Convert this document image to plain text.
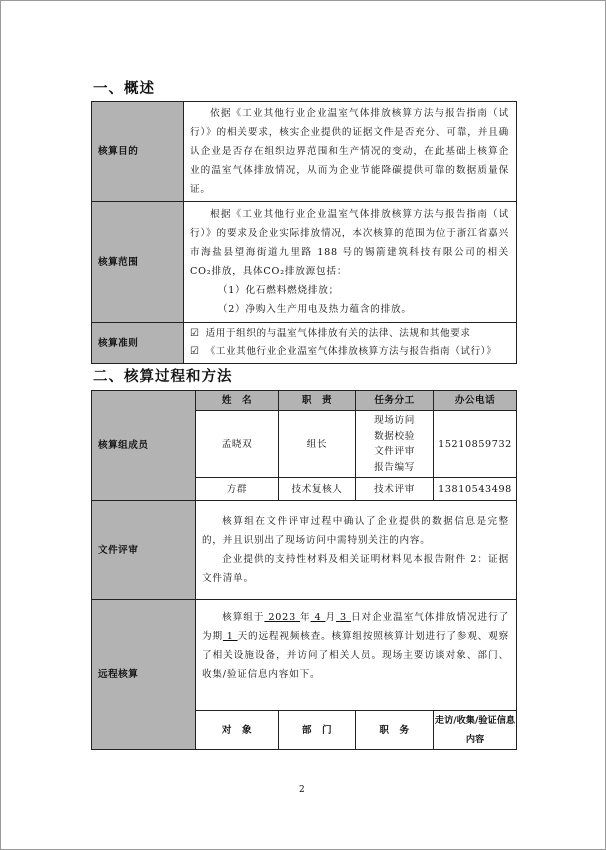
一、概述
核算目的	依据《工业其他行业企业温室气体排放核算方法与报告指南（试行）》的相关要求，核实企业提供的证据文件是否充分、可靠，并且确认企业是否存在组织边界范围和生产情况的变动，在此基础上核算企业的温室气体排放情况，从而为企业节能降碳提供可靠的数据质量保证。

核算范围	根据《工业其他行业企业温室气体排放核算方法与报告指南（试行）》的要求及企业实际排放情况，本次核算的范围为位于浙江省嘉兴市海盐县望海街道九里路 188 号的锡箭建筑科技有限公司的相关CO₂排放，具体CO₂排放源包括：

（1）化石燃料燃烧排放；
（2）净购入生产用电及热力蕴含的排放。

核算准则	☑ 适用于组织的与温室气体排放有关的法律、法规和其他要求
☑ 《工业其他行业企业温室气体排放核算方法与报告指南（试行）》
二、核算过程和方法
核算组成员	姓　名	职　责	任务分工	办公电话
	孟晓双	组长	现场访问
数据校验
文件评审
报告编写	15210859732
	方群	技术复核人	技术评审	13810543498
文件评审	核算组在文件评审过程中确认了企业提供的数据信息是完整的，并且识别出了现场访问中需特别关注的内容。

企业提供的支持性材料及相关证明材料见本报告附件 2：证据文件清单。			

远程核算	核算组于 2023 年 4 月 3 日对企业温室气体排放情况进行了为期 1 天的远程视频核查。核算组按照核算计划进行了参观、观察了相关设施设备，并访问了相关人员。现场主要访谈对象、部门、收集/验证信息内容如下。			

	对　象	部　门	职　务	走访/收集/验证信息内容
2
